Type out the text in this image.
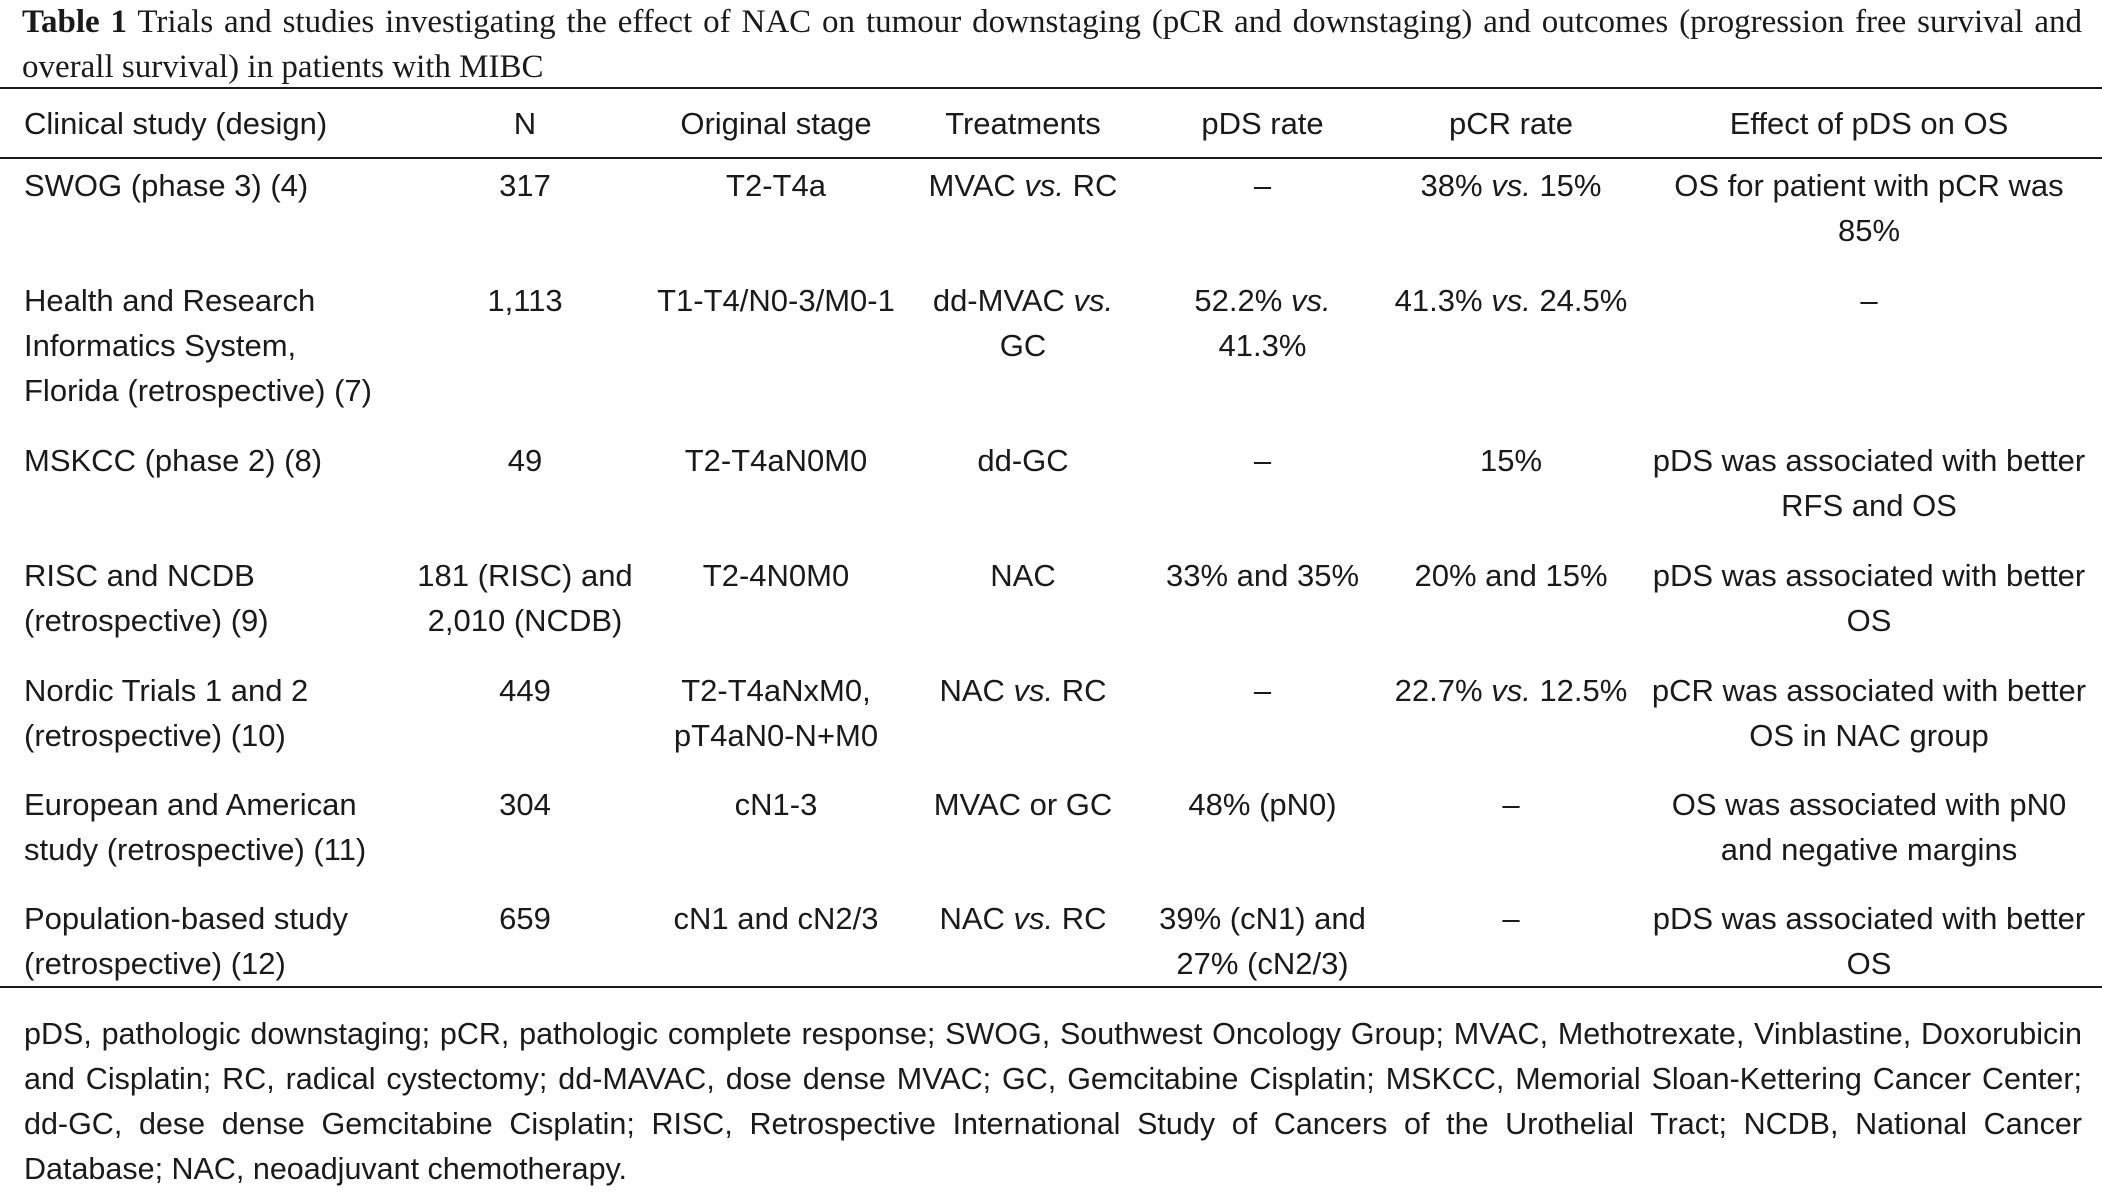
Table 1 Trials and studies investigating the effect of NAC on tumour downstaging (pCR and downstaging) and outcomes (progression free survival and overall survival) in patients with MIBC
Clinical study (design)	N	Original stage	Treatments	pDS rate	pCR rate	Effect of pDS on OS
SWOG (phase 3) (4)	317	T2-T4a	MVAC vs. RC	–	38% vs. 15%	OS for patient with pCR was 85%
Health and Research Informatics System, Florida (retrospective) (7)	1,113	T1-T4/N0-3/M0-1	dd-MVAC vs. GC	52.2% vs. 41.3%	41.3% vs. 24.5%	–
MSKCC (phase 2) (8)	49	T2-T4aN0M0	dd-GC	–	15%	pDS was associated with better RFS and OS
RISC and NCDB (retrospective) (9)	181 (RISC) and 2,010 (NCDB)	T2-4N0M0	NAC	33% and 35%	20% and 15%	pDS was associated with better OS
Nordic Trials 1 and 2 (retrospective) (10)	449	T2-T4aNxM0, pT4aN0-N+M0	NAC vs. RC	–	22.7% vs. 12.5%	pCR was associated with better OS in NAC group
European and American study (retrospective) (11)	304	cN1-3	MVAC or GC	48% (pN0)	–	OS was associated with pN0 and negative margins
Population-based study (retrospective) (12)	659	cN1 and cN2/3	NAC vs. RC	39% (cN1) and 27% (cN2/3)	–	pDS was associated with better OS
pDS, pathologic downstaging; pCR, pathologic complete response; SWOG, Southwest Oncology Group; MVAC, Methotrexate, Vinblastine, Doxorubicin and Cisplatin; RC, radical cystectomy; dd-MAVAC, dose dense MVAC; GC, Gemcitabine Cisplatin; MSKCC, Memorial Sloan-Kettering Cancer Center; dd-GC, dese dense Gemcitabine Cisplatin; RISC, Retrospective International Study of Cancers of the Urothelial Tract; NCDB, National Cancer Database; NAC, neoadjuvant chemotherapy.
